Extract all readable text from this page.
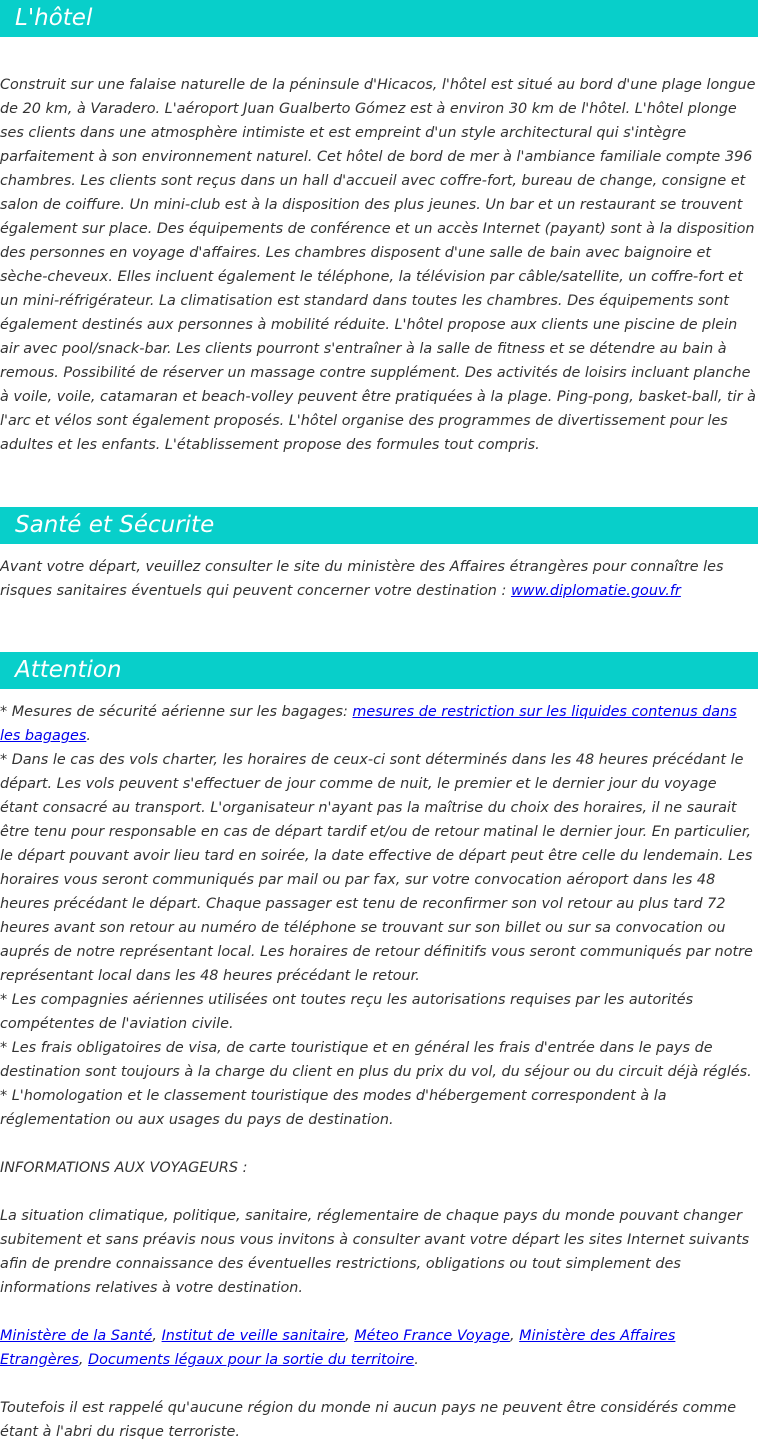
L'hôtel

Construit sur une falaise naturelle de la péninsule d'Hicacos, l'hôtel est situé au bord d'une plage longue de 20 km, à Varadero. L'aéroport Juan Gualberto Gómez est à environ 30 km de l'hôtel. L'hôtel plonge ses clients dans une atmosphère intimiste et est empreint d'un style architectural qui s'intègre parfaitement à son environnement naturel. Cet hôtel de bord de mer à l'ambiance familiale compte 396 chambres. Les clients sont reçus dans un hall d'accueil avec coffre-fort, bureau de change, consigne et salon de coiffure. Un mini-club est à la disposition des plus jeunes. Un bar et un restaurant se trouvent également sur place. Des équipements de conférence et un accès Internet (payant) sont à la disposition des personnes en voyage d'affaires. Les chambres disposent d'une salle de bain avec baignoire et sèche-cheveux. Elles incluent également le téléphone, la télévision par câble/satellite, un coffre-fort et un mini-réfrigérateur. La climatisation est standard dans toutes les chambres. Des équipements sont également destinés aux personnes à mobilité réduite. L'hôtel propose aux clients une piscine de plein air avec pool/snack-bar. Les clients pourront s'entraîner à la salle de fitness et se détendre au bain à remous. Possibilité de réserver un massage contre supplément. Des activités de loisirs incluant planche à voile, voile, catamaran et beach-volley peuvent être pratiquées à la plage. Ping-pong, basket-ball, tir à l'arc et vélos sont également proposés. L'hôtel organise des programmes de divertissement pour les adultes et les enfants. L'établissement propose des formules tout compris.

Santé et Sécurite

Avant votre départ, veuillez consulter le site du ministère des Affaires étrangères pour connaître les risques sanitaires éventuels qui peuvent concerner votre destination : www.diplomatie.gouv.fr

Attention

* Mesures de sécurité aérienne sur les bagages: mesures de restriction sur les liquides contenus dans les bagages.

* Dans le cas des vols charter, les horaires de ceux-ci sont déterminés dans les 48 heures précédant le départ. Les vols peuvent s'effectuer de jour comme de nuit, le premier et le dernier jour du voyage étant consacré au transport. L'organisateur n'ayant pas la maîtrise du choix des horaires, il ne saurait être tenu pour responsable en cas de départ tardif et/ou de retour matinal le dernier jour. En particulier, le départ pouvant avoir lieu tard en soirée, la date effective de départ peut être celle du lendemain. Les horaires vous seront communiqués par mail ou par fax, sur votre convocation aéroport dans les 48 heures précédant le départ. Chaque passager est tenu de reconfirmer son vol retour au plus tard 72 heures avant son retour au numéro de téléphone se trouvant sur son billet ou sur sa convocation ou auprés de notre représentant local. Les horaires de retour définitifs vous seront communiqués par notre représentant local dans les 48 heures précédant le retour.

* Les compagnies aériennes utilisées ont toutes reçu les autorisations requises par les autorités compétentes de l'aviation civile.

* Les frais obligatoires de visa, de carte touristique et en général les frais d'entrée dans le pays de destination sont toujours à la charge du client en plus du prix du vol, du séjour ou du circuit déjà réglés.

* L'homologation et le classement touristique des modes d'hébergement correspondent à la réglementation ou aux usages du pays de destination.

INFORMATIONS AUX VOYAGEURS :

La situation climatique, politique, sanitaire, réglementaire de chaque pays du monde pouvant changer subitement et sans préavis nous vous invitons à consulter avant votre départ les sites Internet suivants afin de prendre connaissance des éventuelles restrictions, obligations ou tout simplement des informations relatives à votre destination.

Ministère de la Santé, Institut de veille sanitaire, Méteo France Voyage, Ministère des Affaires Etrangères, Documents légaux pour la sortie du territoire.

Toutefois il est rappelé qu'aucune région du monde ni aucun pays ne peuvent être considérés comme étant à l'abri du risque terroriste.
